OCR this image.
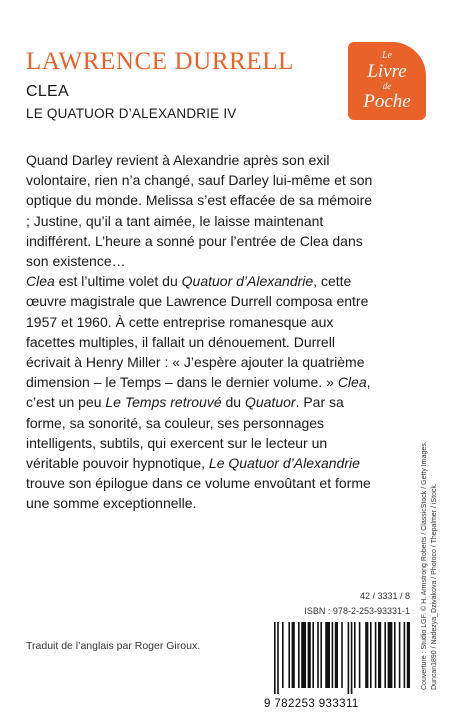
LAWRENCE DURRELL
CLEA
LE QUATUOR D’ALEXANDRIE IV
Le
Livre
de
Poche

Quand Darley revient à Alexandrie après son exil volontaire, rien n’a changé, sauf Darley lui-même et son optique du monde. Melissa s’est effacée de sa mémoire ; Justine, qu’il a tant aimée, le laisse maintenant indifférent. L’heure a sonné pour l’entrée de Clea dans son existence…

Clea est l’ultime volet du Quatuor d’Alexandrie, cette œuvre magistrale que Lawrence Durrell composa entre 1957 et 1960. À cette entreprise romanesque aux facettes multiples, il fallait un dénouement. Durrell écrivait à Henry Miller : « J’espère ajouter la quatrième dimension – le Temps – dans le dernier volume. » Clea, c’est un peu Le Temps retrouvé du Quatuor. Par sa forme, sa sonorité, sa couleur, ses personnages intelligents, subtils, qui exercent sur le lecteur un véritable pouvoir hypnotique, Le Quatuor d’Alexandrie trouve son épilogue dans ce volume envoûtant et forme une somme exceptionnelle.	Couverture : Studio LGF. © H. Armstrong Roberts / ClassicStock / Getty Images. Duncan1890 / Nadezya_Dzivakova / Photoco / Thepalmer / iStock.

42 / 3331 / 8

ISBN : 978-2-253-93331-1

Traduit de l’anglais par Roger Giroux.

9 782253 933311
